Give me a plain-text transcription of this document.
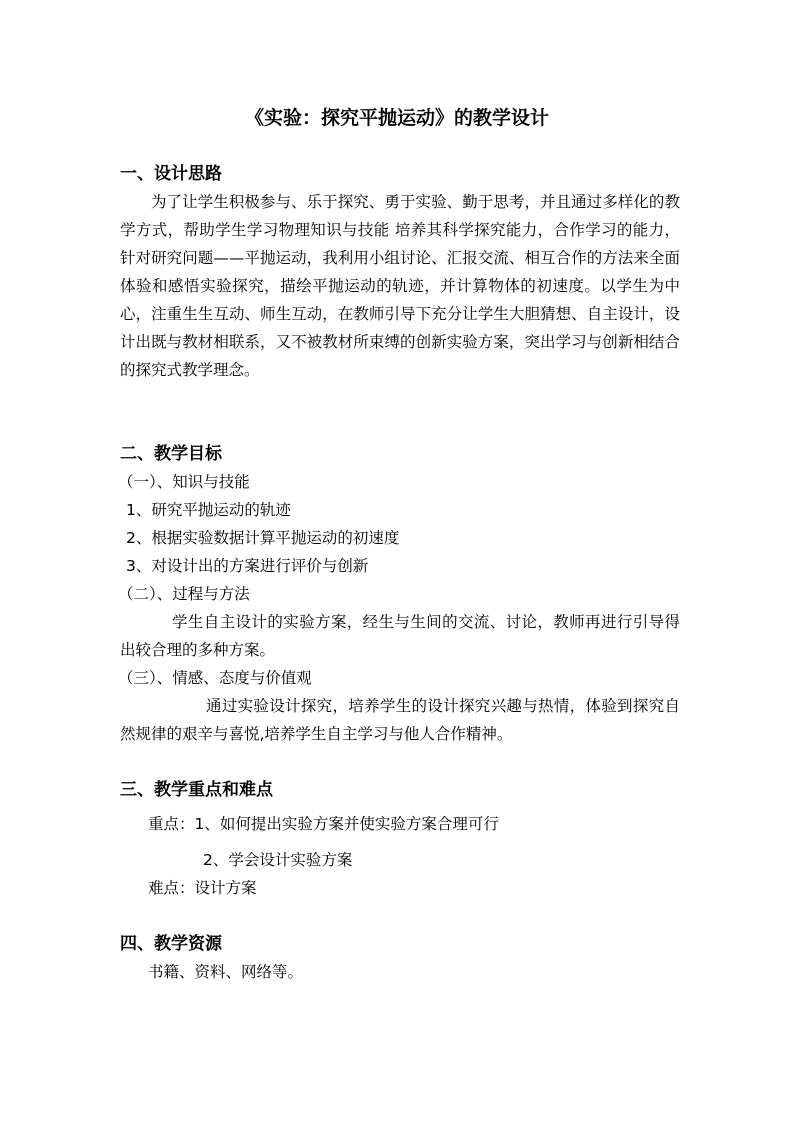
《实验：探究平抛运动》的教学设计
一、设计思路
为了让学生积极参与、乐于探究、勇于实验、勤于思考，并且通过多样化的教学方式，帮助学生学习物理知识与技能 培养其科学探究能力，合作学习的能力，针对研究问题——平抛运动，我利用小组讨论、汇报交流、相互合作的方法来全面体验和感悟实验探究，描绘平抛运动的轨迹，并计算物体的初速度。以学生为中心，注重生生互动、师生互动，在教师引导下充分让学生大胆猜想、自主设计，设计出既与教材相联系，又不被教材所束缚的创新实验方案，突出学习与创新相结合的探究式教学理念。
二、教学目标
（一）、知识与技能
1、研究平抛运动的轨迹
2、根据实验数据计算平抛运动的初速度
3、对设计出的方案进行评价与创新
（二）、过程与方法
学生自主设计的实验方案，经生与生间的交流、讨论，教师再进行引导得出较合理的多种方案。
（三）、情感、态度与价值观
通过实验设计探究，培养学生的设计探究兴趣与热情，体验到探究自然规律的艰辛与喜悦,培养学生自主学习与他人合作精神。
三、教学重点和难点
重点：1、如何提出实验方案并使实验方案合理可行
2、学会设计实验方案
难点：设计方案
四、教学资源
书籍、资料、网络等。
